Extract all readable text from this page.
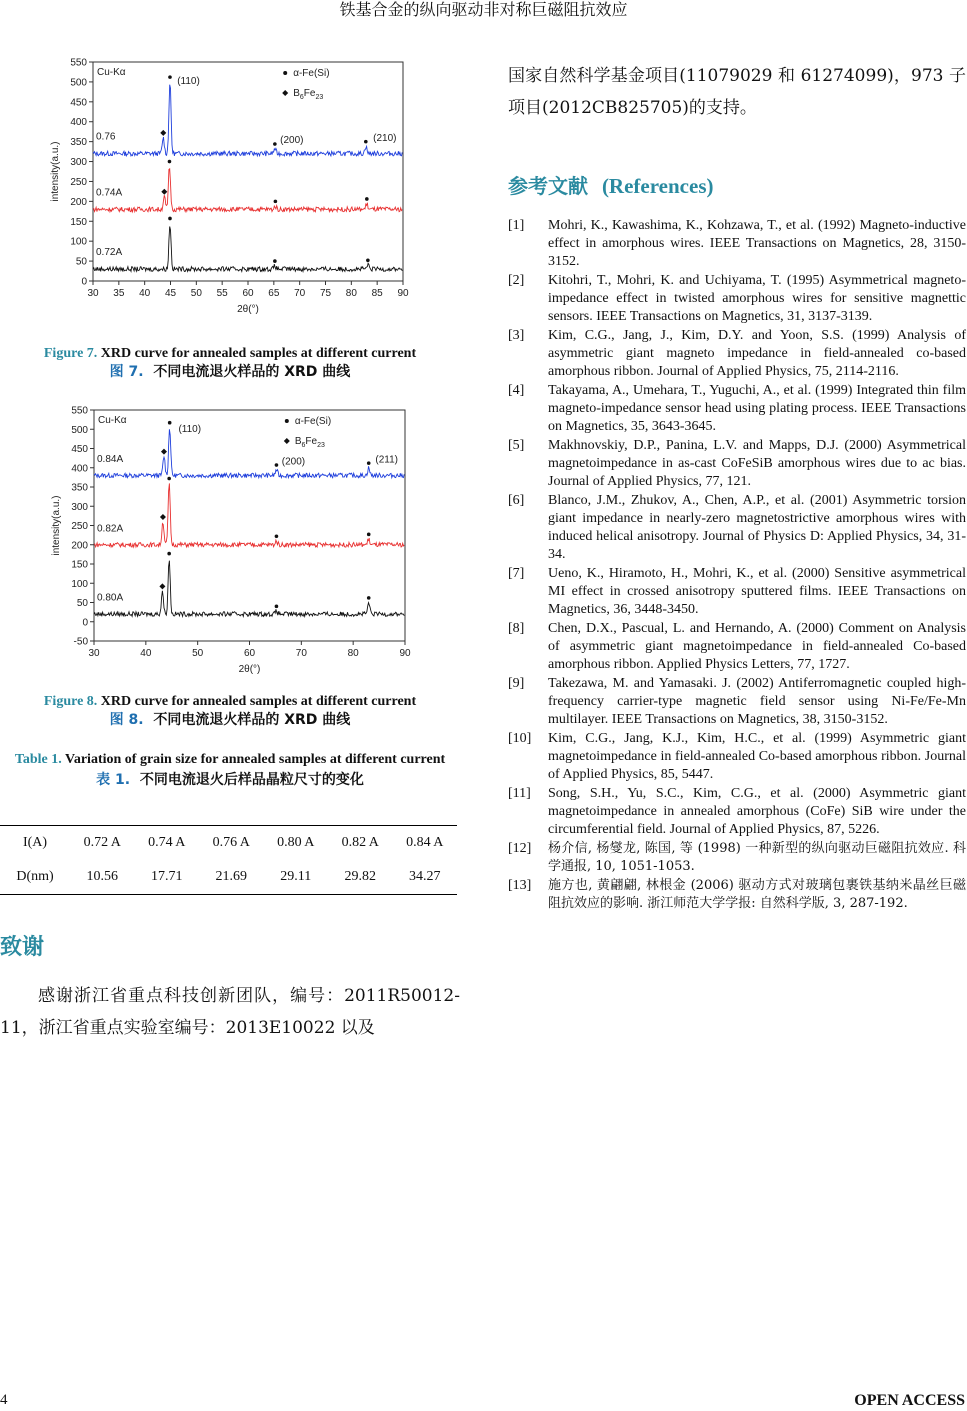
铁基合金的纵向驱动非对称巨磁阻抗效应
30 35 40 45 50 55 60 65 70 75 80 85 90
0
50
100
150
200
250
300
350
400
450
500
550
2θ(°)
intensity(a.u.)
Cu-Kα	α-Fe(Si)
$B_6Fe_{23}$
0.76
0.74A
0.72A
(110)
(200)	(210)
Figure 7. XRD curve for annealed samples at different current
图 7. 不同电流退火样品的 XRD 曲线
30	40	50	60	70	80	90
-50
0
50
100
150
200
250
300
350
400
450
500
550
2θ(°)
intensity(a.u.)
Cu-Kα	α-Fe(Si)
$B_6Fe_{23}$
0.84A
0.82A
0.80A
(110)
(200)	(211)
Figure 8. XRD curve for annealed samples at different current
图 8. 不同电流退火样品的 XRD 曲线
Table 1. Variation of grain size for annealed samples at different current
表 1. 不同电流退火后样品晶粒尺寸的变化
I(A)	0.72 A	0.74 A	0.76 A	0.80 A	0.82 A	0.84 A
D(nm)	10.56	17.71	21.69	29.11	29.82	34.27
致谢
感谢浙江省重点科技创新团队，编号：2011R50012-11，浙江省重点实验室编号：2013E10022 以及
国家自然科学基金项目(11079029 和 61274099)，973 子项目(2012CB825705)的支持。
参考文献 (References)
[1]	Mohri, K., Kawashima, K., Kohzawa, T., et al. (1992) Magneto-inductive effect in amorphous wires. IEEE Transactions on Magnetics, 28, 3150-3152.
[2]	Kitohri, T., Mohri, K. and Uchiyama, T. (1995) Asymmetrical magneto-impedance effect in twisted amorphous wires for sensitive magnettic sensors. IEEE Transactions on Magnetics, 31, 3137-3139.
[3]	Kim, C.G., Jang, J., Kim, D.Y. and Yoon, S.S. (1999) Analysis of asymmetric giant magneto impedance in field-annealed co-based amorphous ribbon. Journal of Applied Physics, 75, 2114-2116.
[4]	Takayama, A., Umehara, T., Yuguchi, A., et al. (1999) Integrated thin film magneto-impedance sensor head using plating process. IEEE Transactions on Magnetics, 35, 3643-3645.
[5]	Makhnovskiy, D.P., Panina, L.V. and Mapps, D.J. (2000) Asymmetrical magnetoimpedance in as-cast CoFeSiB amorphous wires due to ac bias. Journal of Applied Physics, 77, 121.
[6]	Blanco, J.M., Zhukov, A., Chen, A.P., et al. (2001) Asymmetric torsion giant impedance in nearly-zero magnetostrictive amorphous wires with induced helical anisotropy. Journal of Physics D: Applied Physics, 34, 31-34.
[7]	Ueno, K., Hiramoto, H., Mohri, K., et al. (2000) Sensitive asymmetrical MI effect in crossed anisotropy sputtered films. IEEE Transactions on Magnetics, 36, 3448-3450.
[8]	Chen, D.X., Pascual, L. and Hernando, A. (2000) Comment on Analysis of asymmetric giant magnetoimpedance in field-annealed Co-based amorphous ribbon. Applied Physics Letters, 77, 1727.
[9]	Takezawa, M. and Yamasaki. J. (2002) Antiferromagnetic coupled high-frequency carrier-type magnetic field sensor using Ni-Fe/Fe-Mn multilayer. IEEE Transactions on Magnetics, 38, 3150-3152.
[10]	Kim, C.G., Jang, K.J., Kim, H.C., et al. (1999) Asymmetric giant magnetoimpedance in field-annealed Co-based amorphous ribbon. Journal of Applied Physics, 85, 5447.
[11]	Song, S.H., Yu, S.C., Kim, C.G., et al. (2000) Asymmetric giant magnetoimpedance in annealed amorphous (CoFe) SiB wire under the circumferential field. Journal of Applied Physics, 87, 5226.
[12]	杨介信, 杨燮龙, 陈国, 等 (1998) 一种新型的纵向驱动巨磁阻抗效应. 科学通报, 10, 1051-1053.
[13]	施方也, 黄翩翩, 林根金 (2006) 驱动方式对玻璃包裹铁基纳米晶丝巨磁阻抗效应的影响. 浙江师范大学学报: 自然科学版, 3, 287-192.
4	OPEN ACCESS
